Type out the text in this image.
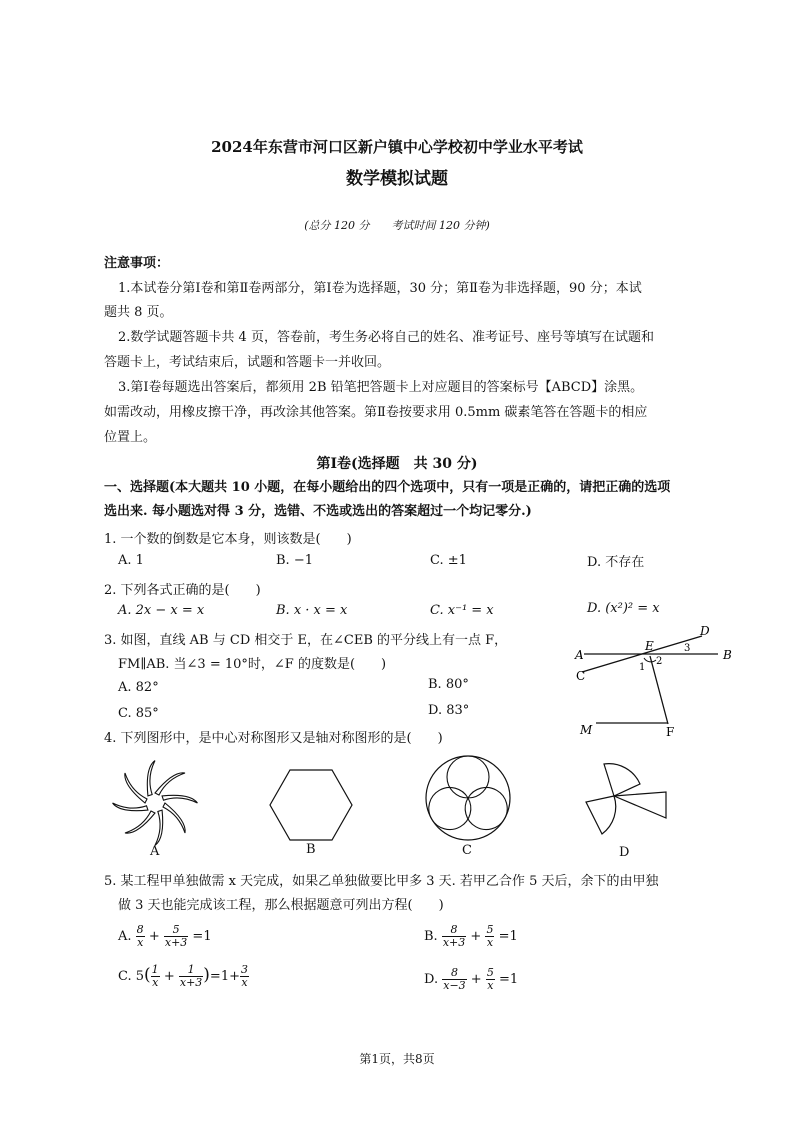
2024年东营市河口区新户镇中心学校初中学业水平考试
数学模拟试题
(总分 120 分　　考试时间 120 分钟)
注意事项：
1.本试卷分第Ⅰ卷和第Ⅱ卷两部分，第Ⅰ卷为选择题，30 分；第Ⅱ卷为非选择题，90 分；本试
题共 8 页。
2.数学试题答题卡共 4 页，答卷前，考生务必将自己的姓名、准考证号、座号等填写在试题和
答题卡上，考试结束后，试题和答题卡一并收回。
3.第Ⅰ卷每题选出答案后，都须用 2B 铅笔把答题卡上对应题目的答案标号【ABCD】涂黑。
如需改动，用橡皮擦干净，再改涂其他答案。第Ⅱ卷按要求用 0.5mm 碳素笔答在答题卡的相应
位置上。
第Ⅰ卷(选择题　共 30 分)
一、选择题(本大题共 10 小题，在每小题给出的四个选项中，只有一项是正确的，请把正确的选项
选出来. 每小题选对得 3 分，选错、不选或选出的答案超过一个均记零分.)
1. 一个数的倒数是它本身，则该数是(　　)
A. 1	B. −1	C. ±1	D. 不存在
2. 下列各式正确的是(　　)
A. 2x − x = x	B. x · x = x	C. x⁻¹ = x	D. (x²)² = x
3. 如图，直线 AB 与 CD 相交于 E，在∠CEB 的平分线上有一点 F，
FM∥AB. 当∠3 = 10°时，∠F 的度数是(　　)
A. 82°	B. 80°
C. 85°	D. 83°
A	B
C
D
E
F
M
1
2
3
4. 下列图形中，是中心对称图形又是轴对称图形的是(　　)
A	B	C	D
5. 某工程甲单独做需 x 天完成，如果乙单独做要比甲多 3 天. 若甲乙合作 5 天后，余下的由甲独
做 3 天也能完成该工程，那么根据题意可列出方程(　　)
A. $\frac{8}{x} + \frac{5}{x+3} =1$	B. $\frac{8}{x+3} + \frac{5}{x} =1$
C. $5( \frac{1}{x} + \frac{1}{x+3} )=1+ \frac{3}{x}$	D. $\frac{8}{x-3} + \frac{5}{x} =1$
第1页，共8页
